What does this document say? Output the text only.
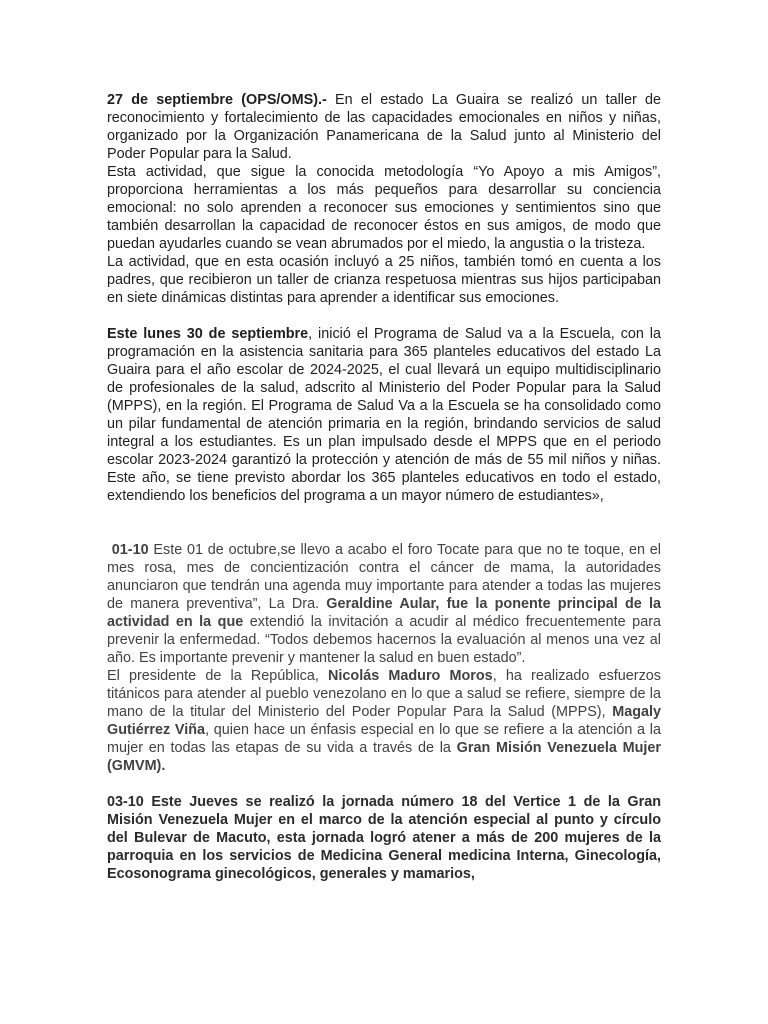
27 de septiembre (OPS/OMS).- En el estado La Guaira se realizó un taller de reconocimiento y fortalecimiento de las capacidades emocionales en niños y niñas, organizado por la Organización Panamericana de la Salud junto al Ministerio del Poder Popular para la Salud.

Esta actividad, que sigue la conocida metodología “Yo Apoyo a mis Amigos”, proporciona herramientas a los más pequeños para desarrollar su conciencia emocional: no solo aprenden a reconocer sus emociones y sentimientos sino que también desarrollan la capacidad de reconocer éstos en sus amigos, de modo que puedan ayudarles cuando se vean abrumados por el miedo, la angustia o la tristeza.

La actividad, que en esta ocasión incluyó a 25 niños, también tomó en cuenta a los padres, que recibieron un taller de crianza respetuosa mientras sus hijos participaban en siete dinámicas distintas para aprender a identificar sus emociones.

Este lunes 30 de septiembre, inició el Programa de Salud va a la Escuela, con la programación en la asistencia sanitaria para 365 planteles educativos del estado La Guaira para el año escolar de 2024-2025, el cual llevará un equipo multidisciplinario de profesionales de la salud, adscrito al Ministerio del Poder Popular para la Salud (MPPS), en la región. El Programa de Salud Va a la Escuela se ha consolidado como un pilar fundamental de atención primaria en la región, brindando servicios de salud integral a los estudiantes. Es un plan impulsado desde el MPPS que en el periodo escolar 2023-2024 garantizó la protección y atención de más de 55 mil niños y niñas. Este año, se tiene previsto abordar los 365 planteles educativos en todo el estado, extendiendo los beneficios del programa a un mayor número de estudiantes»,

01-10 Este 01 de octubre,se llevo a acabo el foro Tocate para que no te toque, en el mes rosa, mes de concientización contra el cáncer de mama, la autoridades anunciaron que tendrán una agenda muy importante para atender a todas las mujeres de manera preventiva”, La Dra. Geraldine Aular, fue la ponente principal de la actividad en la que extendió la invitación a acudir al médico frecuentemente para prevenir la enfermedad. “Todos debemos hacernos la evaluación al menos una vez al año. Es importante prevenir y mantener la salud en buen estado”.

El presidente de la República, Nicolás Maduro Moros, ha realizado esfuerzos titánicos para atender al pueblo venezolano en lo que a salud se refiere, siempre de la mano de la titular del Ministerio del Poder Popular Para la Salud (MPPS), Magaly Gutiérrez Viña, quien hace un énfasis especial en lo que se refiere a la atención a la mujer en todas las etapas de su vida a través de la Gran Misión Venezuela Mujer (GMVM).

03-10 Este Jueves se realizó la jornada número 18 del Vertice 1 de la Gran Misión Venezuela Mujer en el marco de la atención especial al punto y círculo del Bulevar de Macuto, esta jornada logró atener a más de 200 mujeres de la parroquia en los servicios de Medicina General medicina Interna, Ginecología, Ecosonograma ginecológicos, generales y mamarios,
